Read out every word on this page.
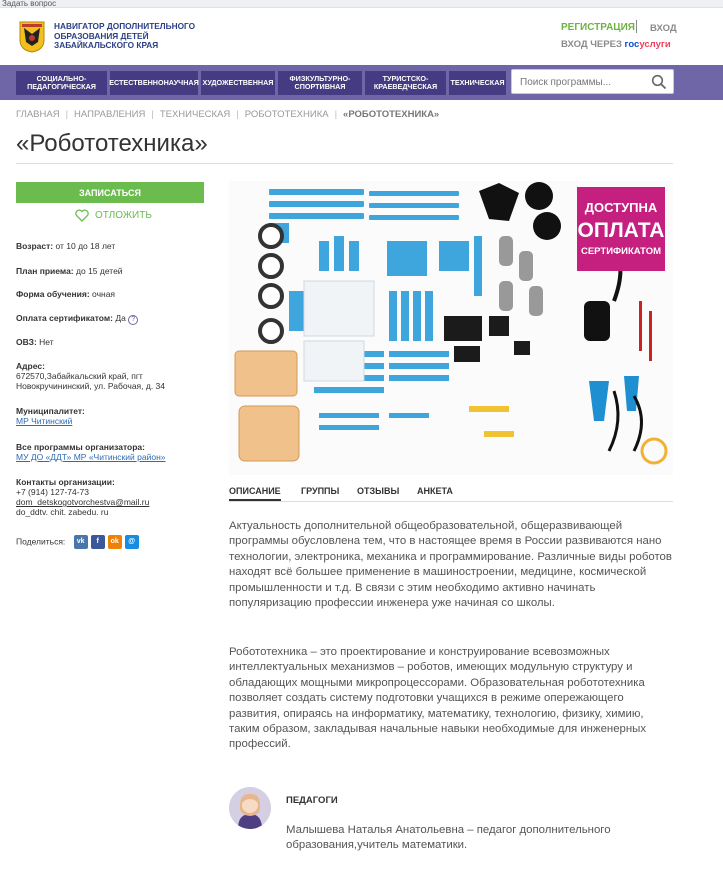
Задать вопрос
НАВИГАТОР ДОПОЛНИТЕЛЬНОГО
ОБРАЗОВАНИЯ ДЕТЕЙ
ЗАБАЙКАЛЬСКОГО КРАЯ
РЕГИСТРАЦИЯ ВХОД
ВХОД ЧЕРЕЗ госуслуги
СОЦИАЛЬНО-ПЕДАГОГИЧЕСКАЯ	ЕСТЕСТВЕННОНАУЧНАЯ ХУДОЖЕСТВЕННАЯ	ФИЗКУЛЬТУРНО-СПОРТИВНАЯ
ТУРИСТСКО-КРАЕВЕДЧЕСКАЯ	ТЕХНИЧЕСКАЯ
Поиск программы...
ГЛАВНАЯ | НАПРАВЛЕНИЯ | ТЕХНИЧЕСКАЯ | РОБОТОТЕХНИКА | «РОБОТОТЕХНИКА»
«Робототехника»
ЗАПИСАТЬСЯ
ОТЛОЖИТЬ
Возраст: от 10 до 18 лет
План приема: до 15 детей
Форма обучения: очная
Оплата сертификатом: Да ?
ОВЗ: Нет
Адрес:
672570,Забайкальский край, пгт
Новокручининский, ул. Рабочая, д. 34
Муниципалитет:
МР Читинский
Все программы организатора:
МУ ДО «ДДТ» МР «Читинский район»
Контакты организации:
+7 (914) 127-74-73
dom_detskogotvorchestva@mail.ru
do_ddtv. chit. zabedu. ru
Поделиться:	vk	f	ok	@
ДОСТУПНА
ОПЛАТА
СЕРТИФИКАТОМ
ОПИСАНИЕ ГРУППЫ ОТЗЫВЫ АНКЕТА
Актуальность дополнительной общеобразовательной, общеразвивающей программы обусловлена тем, что в настоящее время в России развиваются нано технологии, электроника, механика и программирование. Различные виды роботов находят всё большее применение в машиностроении, медицине, космической промышленности и т.д. В связи с этим необходимо активно начинать популяризацию профессии инженера уже начиная со школы.
Робототехника – это проектирование и конструирование всевозможных интеллектуальных механизмов – роботов, имеющих модульную структуру и обладающих мощными микропроцессорами. Образовательная робототехника позволяет создать систему подготовки учащихся в режиме опережающего развития, опираясь на информатику, математику, технологию, физику, химию, таким образом, закладывая начальные навыки необходимые для инженерных профессий.
ПЕДАГОГИ
Малышева Наталья Анатольевна – педагог дополнительного образования,учитель математики.
